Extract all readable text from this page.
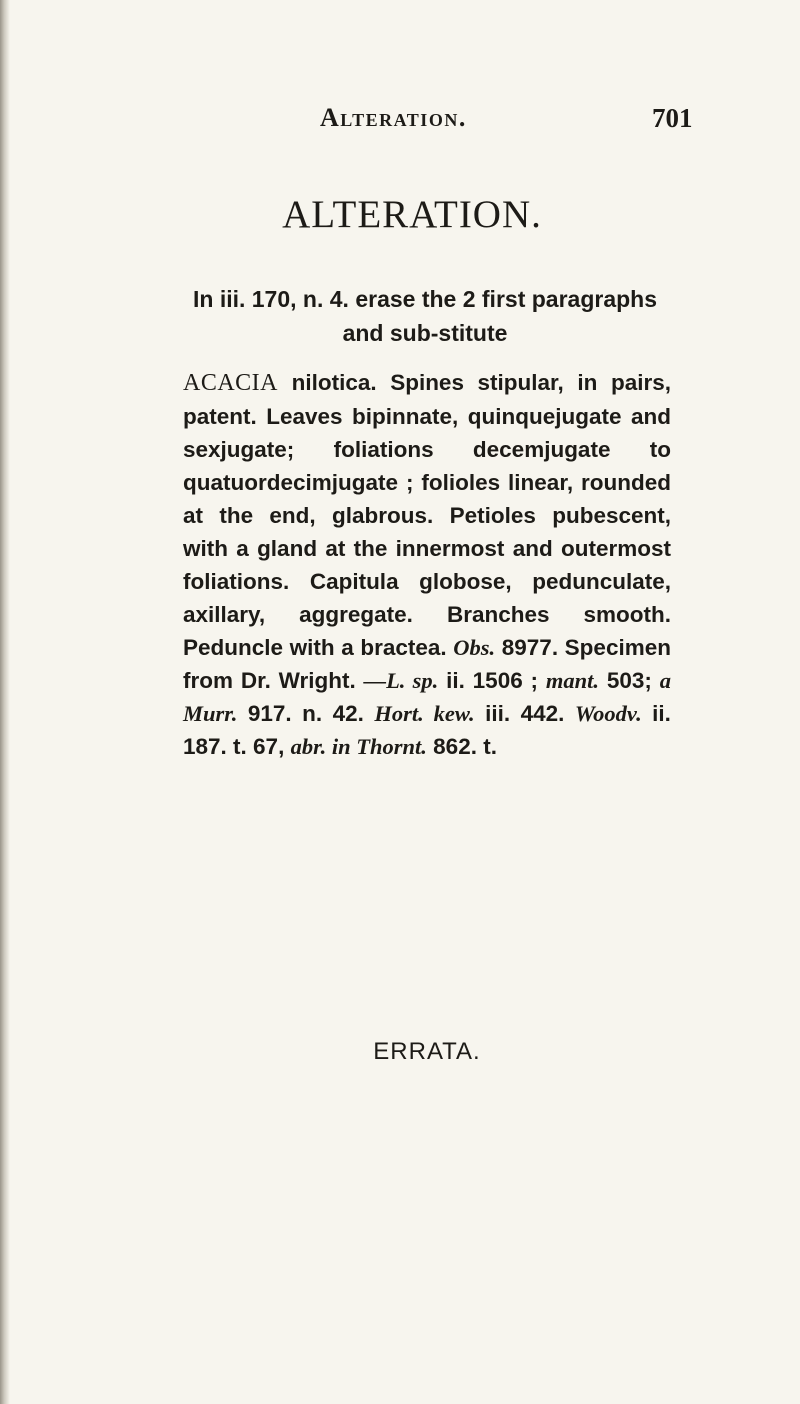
Alteration.	701
ALTERATION.
In iii. 170, n. 4. erase the 2 first paragraphs and sub-stitute
ACACIA nilotica. Spines stipular, in pairs, patent. Leaves bipinnate, quinquejugate and sexjugate; foliations decemjugate to quatuordecimjugate ; folioles linear, rounded at the end, glabrous. Petioles pubescent, with a gland at the innermost and outermost foliations. Capitula globose, pedunculate, axillary, aggregate. Branches smooth. Peduncle with a bractea. Obs. 8977. Specimen from Dr. Wright. —L. sp. ii. 1506 ; mant. 503; a Murr. 917. n. 42. Hort. kew. iii. 442. Woodv. ii. 187. t. 67, abr. in Thornt. 862. t.
ERRATA.
